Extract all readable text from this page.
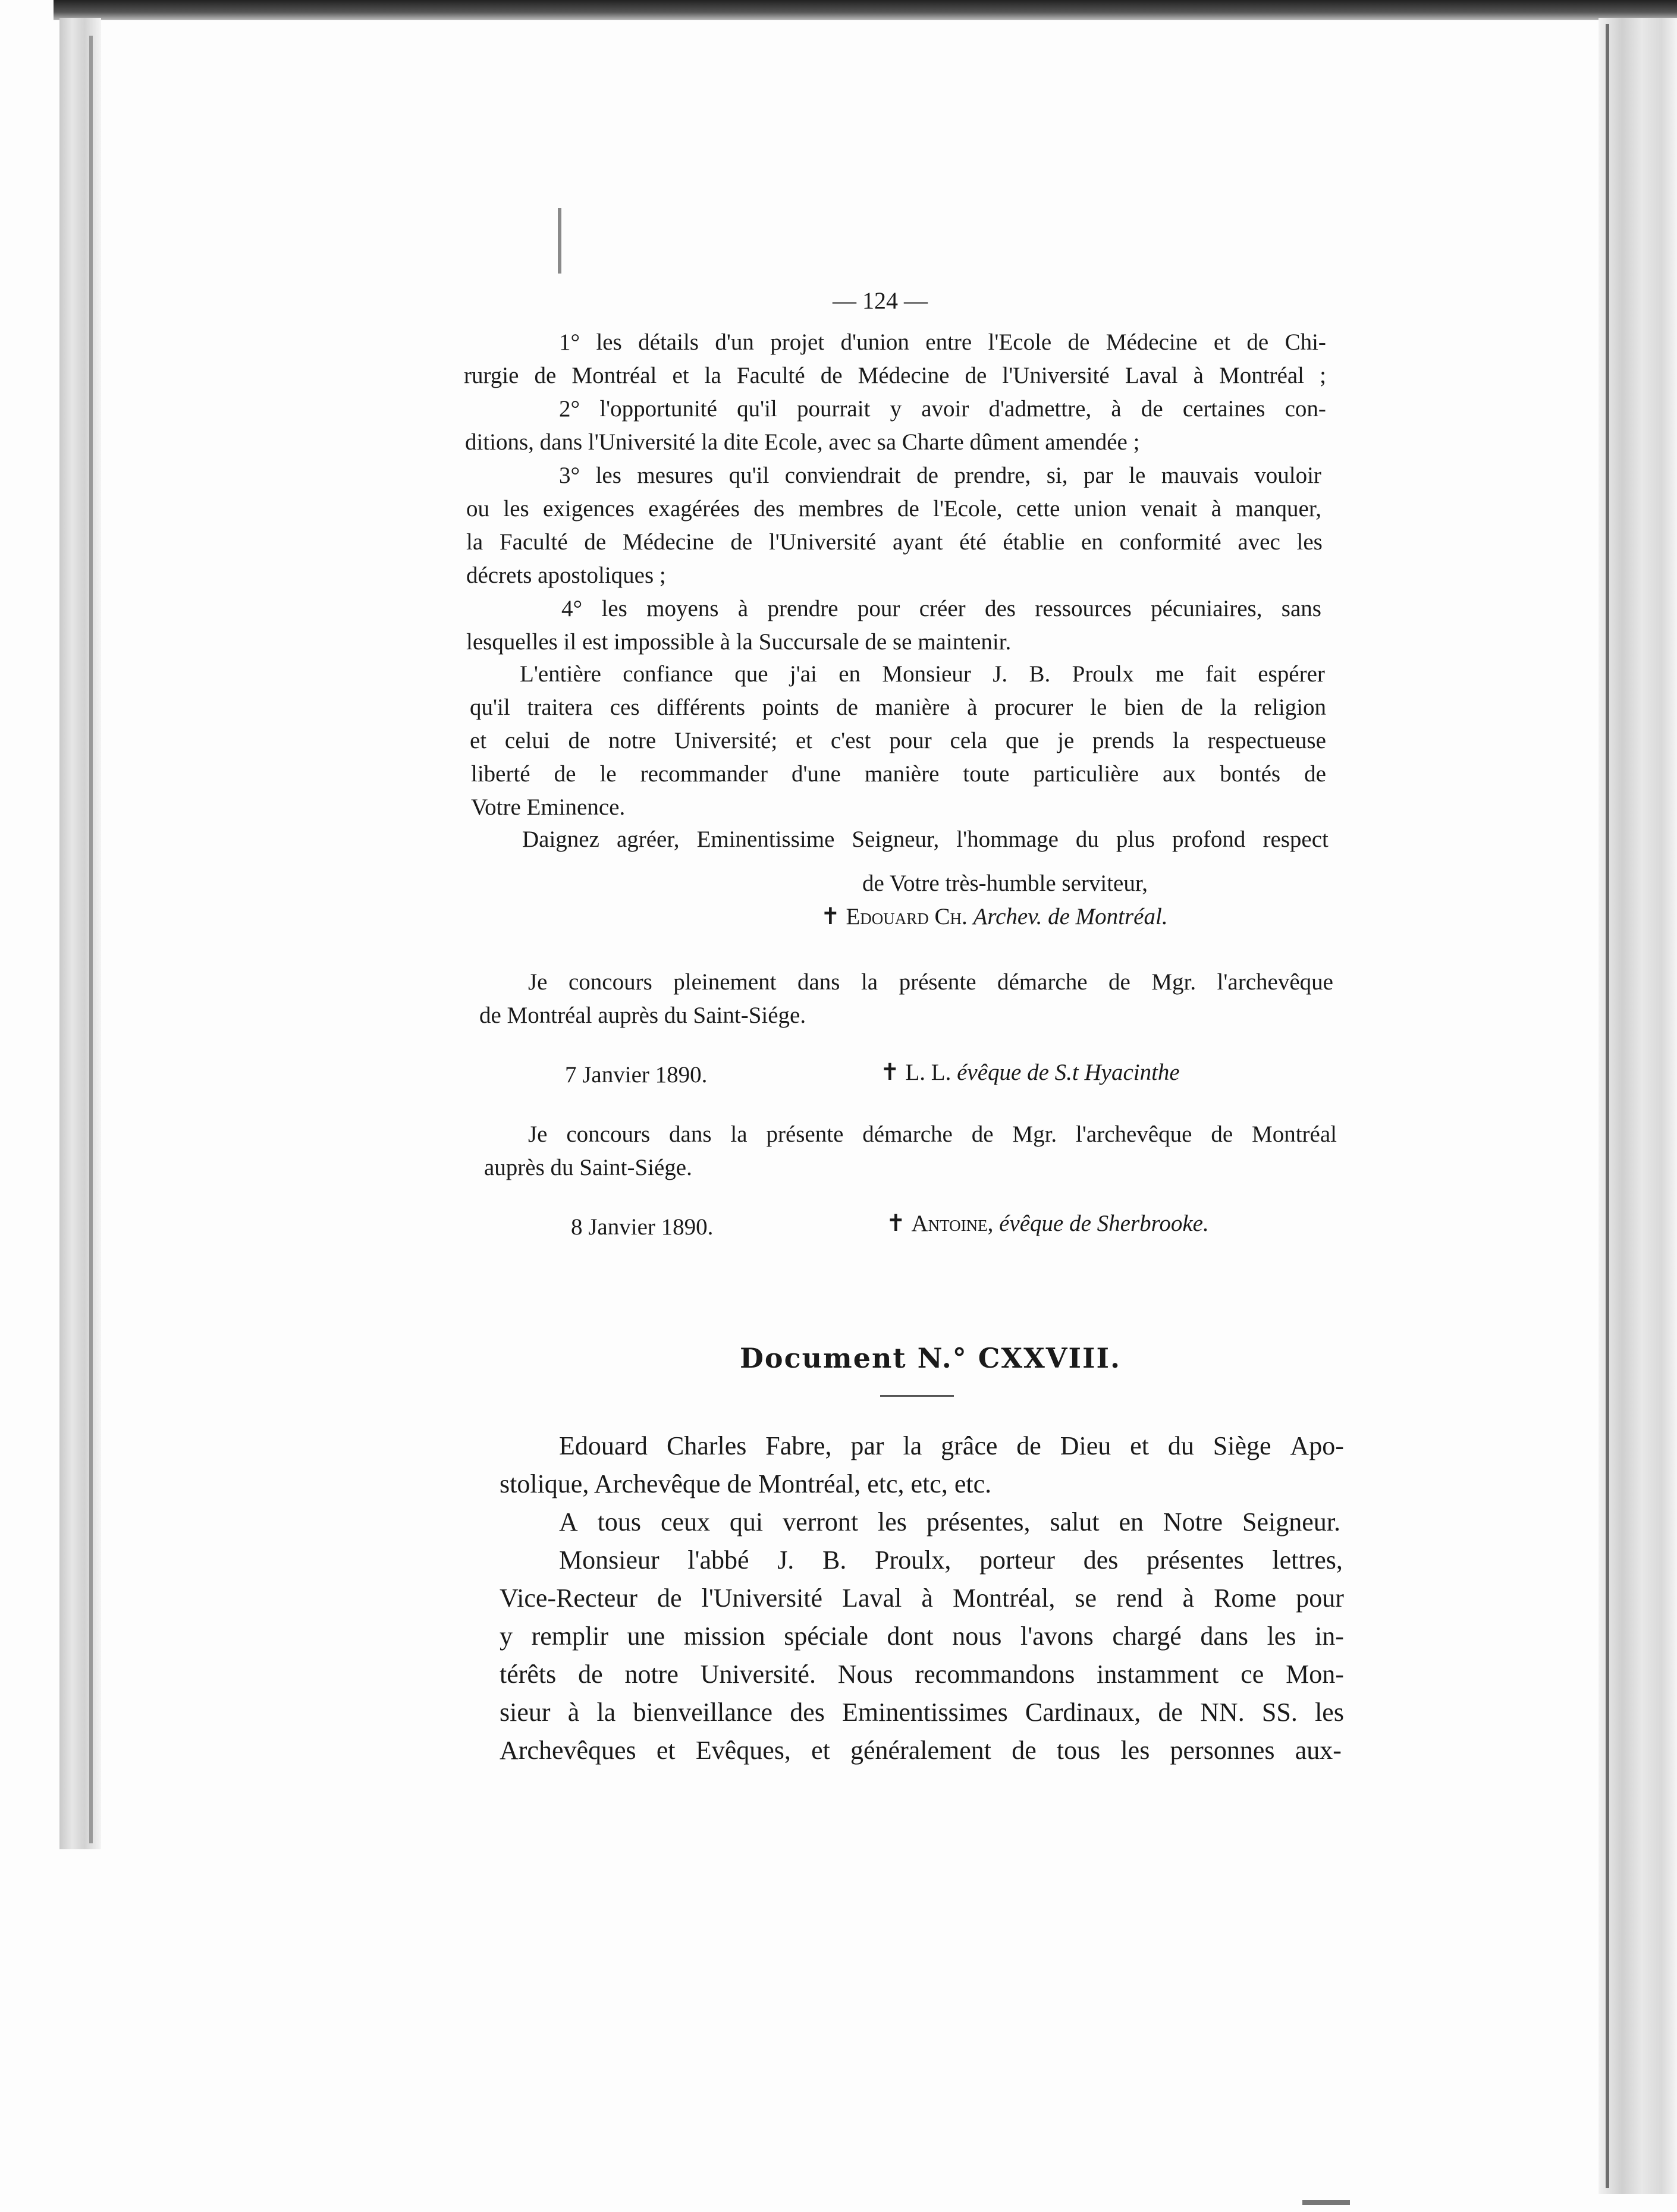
— 124 —
1° les détails d'un projet d'union entre l'Ecole de Médecine et de Chi-
rurgie de Montréal et la Faculté de Médecine de l'Université Laval à Montréal ;
2° l'opportunité qu'il pourrait y avoir d'admettre, à de certaines con-
ditions, dans l'Université la dite Ecole, avec sa Charte dûment amendée ;
3° les mesures qu'il conviendrait de prendre, si, par le mauvais vouloir
ou les exigences exagérées des membres de l'Ecole, cette union venait à manquer,
la Faculté de Médecine de l'Université ayant été établie en conformité avec les
décrets apostoliques ;
4° les moyens à prendre pour créer des ressources pécuniaires, sans
lesquelles il est impossible à la Succursale de se maintenir.
L'entière confiance que j'ai en Monsieur J. B. Proulx me fait espérer
qu'il traitera ces différents points de manière à procurer le bien de la religion
et celui de notre Université; et c'est pour cela que je prends la respectueuse
liberté de le recommander d'une manière toute particulière aux bontés de
Votre Eminence.
Daignez agréer, Eminentissime Seigneur, l'hommage du plus profond respect
de Votre très-humble serviteur,
✝ Edouard Ch. Archev. de Montréal.
Je concours pleinement dans la présente démarche de Mgr. l'archevêque
de Montréal auprès du Saint-Siége.
7 Janvier 1890.	✝ L. L. évêque de S.t Hyacinthe
Je concours dans la présente démarche de Mgr. l'archevêque de Montréal
auprès du Saint-Siége.
8 Janvier 1890.	✝ Antoine, évêque de Sherbrooke.
Document N.° CXXVIII.
Edouard Charles Fabre, par la grâce de Dieu et du Siège Apo-
stolique, Archevêque de Montréal, etc, etc, etc.
A tous ceux qui verront les présentes, salut en Notre Seigneur.
Monsieur l'abbé J. B. Proulx, porteur des présentes lettres,
Vice-Recteur de l'Université Laval à Montréal, se rend à Rome pour
y remplir une mission spéciale dont nous l'avons chargé dans les in-
térêts de notre Université. Nous recommandons instamment ce Mon-
sieur à la bienveillance des Eminentissimes Cardinaux, de NN. SS. les
Archevêques et Evêques, et généralement de tous les personnes aux-
